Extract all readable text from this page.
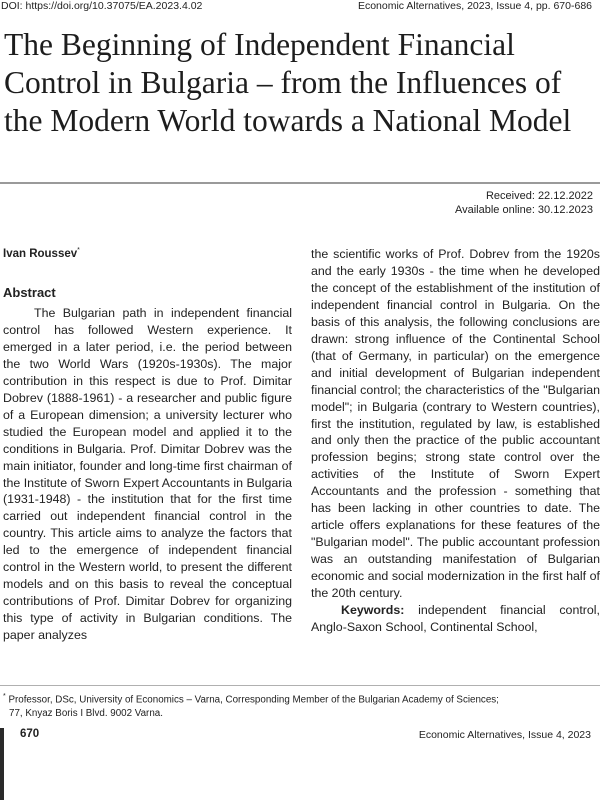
DOI: https://doi.org/10.37075/EA.2023.4.02	Economic Alternatives, 2023, Issue 4, pp. 670-686
The Beginning of Independent Financial Control in Bulgaria – from the Influences of the Modern World towards a National Model
Received: 22.12.2022
Available online: 30.12.2023
Ivan Roussev*
Abstract

The Bulgarian path in independent financial control has followed Western experience. It emerged in a later period, i.e. the period between the two World Wars (1920s-1930s). The major contribution in this respect is due to Prof. Dimitar Dobrev (1888-1961) - a researcher and public figure of a European dimension; a university lecturer who studied the European model and applied it to the conditions in Bulgaria. Prof. Dimitar Dobrev was the main initiator, founder and long-time first chairman of the Institute of Sworn Expert Accountants in Bulgaria (1931-1948) - the institution that for the first time carried out independent financial control in the country. This article aims to analyze the factors that led to the emergence of independent financial control in the Western world, to present the different models and on this basis to reveal the conceptual contributions of Prof. Dimitar Dobrev for organizing this type of activity in Bulgarian conditions. The paper analyzes

the scientific works of Prof. Dobrev from the 1920s and the early 1930s - the time when he developed the concept of the establishment of the institution of independent financial control in Bulgaria. On the basis of this analysis, the following conclusions are drawn: strong influence of the Continental School (that of Germany, in particular) on the emergence and initial development of Bulgarian independent financial control; the characteristics of the "Bulgarian model"; in Bulgaria (contrary to Western countries), first the institution, regulated by law, is established and only then the practice of the public accountant profession begins; strong state control over the activities of the Institute of Sworn Expert Accountants and the profession - something that has been lacking in other countries to date. The article offers explanations for these features of the "Bulgarian model". The public accountant profession was an outstanding manifestation of Bulgarian economic and social modernization in the first half of the 20th century.

Keywords: independent financial control, Anglo-Saxon School, Continental School,

* Professor, DSc, University of Economics – Varna, Corresponding Member of the Bulgarian Academy of Sciences;
77, Knyaz Boris I Blvd. 9002 Varna.
670	Economic Alternatives, Issue 4, 2023
